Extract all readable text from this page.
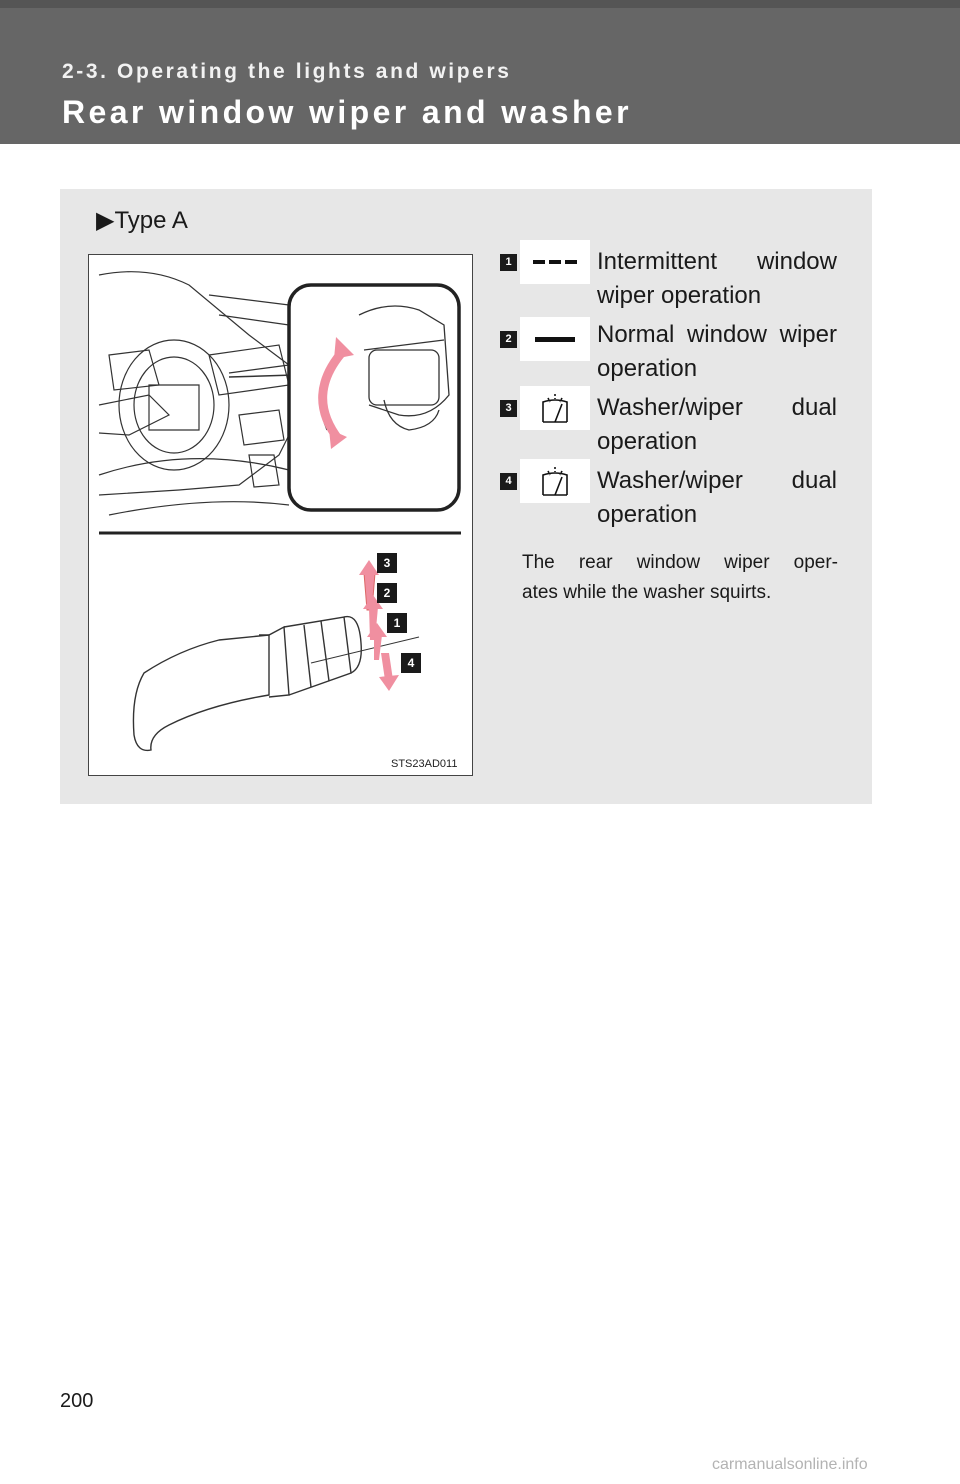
2-3. Operating the lights and wipers
Rear window wiper and washer
▶Type A
3
2
1
4
STS23AD011
1	Intermittent window
wiper operation
2	Normal window wiper
operation
3	Washer/wiper dual
operation
4	Washer/wiper dual
operation
The rear window wiper oper-
ates while the washer squirts.
200
carmanualsonline.info
